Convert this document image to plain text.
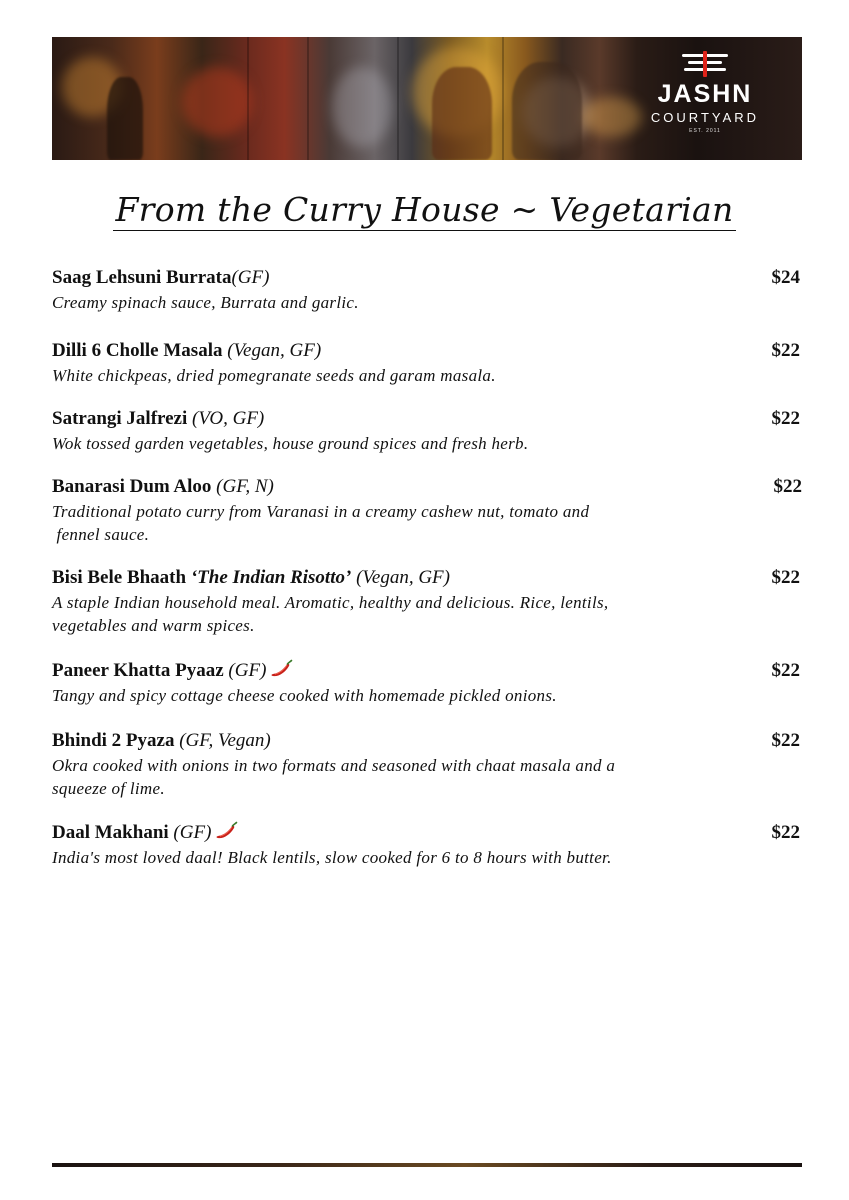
JASHN
COURTYARD
EST. 2011
From the Curry House ~ Vegetarian
Saag Lehsuni Burrata(GF)	$24
Creamy spinach sauce, Burrata and garlic.
Dilli 6 Cholle Masala (Vegan, GF)	$22
White chickpeas, dried pomegranate seeds and garam masala.
Satrangi Jalfrezi (VO, GF)	$22
Wok tossed garden vegetables, house ground spices and fresh herb.
Banarasi Dum Aloo (GF, N)	$22
Traditional potato curry from Varanasi in a creamy cashew nut, tomato and
fennel sauce.
Bisi Bele Bhaath ‘The Indian Risotto’ (Vegan, GF)	$22
A staple Indian household meal. Aromatic, healthy and delicious. Rice, lentils,
vegetables and warm spices.
Paneer Khatta Pyaaz (GF)	$22
Tangy and spicy cottage cheese cooked with homemade pickled onions.
Bhindi 2 Pyaza (GF, Vegan)	$22
Okra cooked with onions in two formats and seasoned with chaat masala and a
squeeze of lime.
Daal Makhani (GF)	$22
India's most loved daal! Black lentils, slow cooked for 6 to 8 hours with butter.
